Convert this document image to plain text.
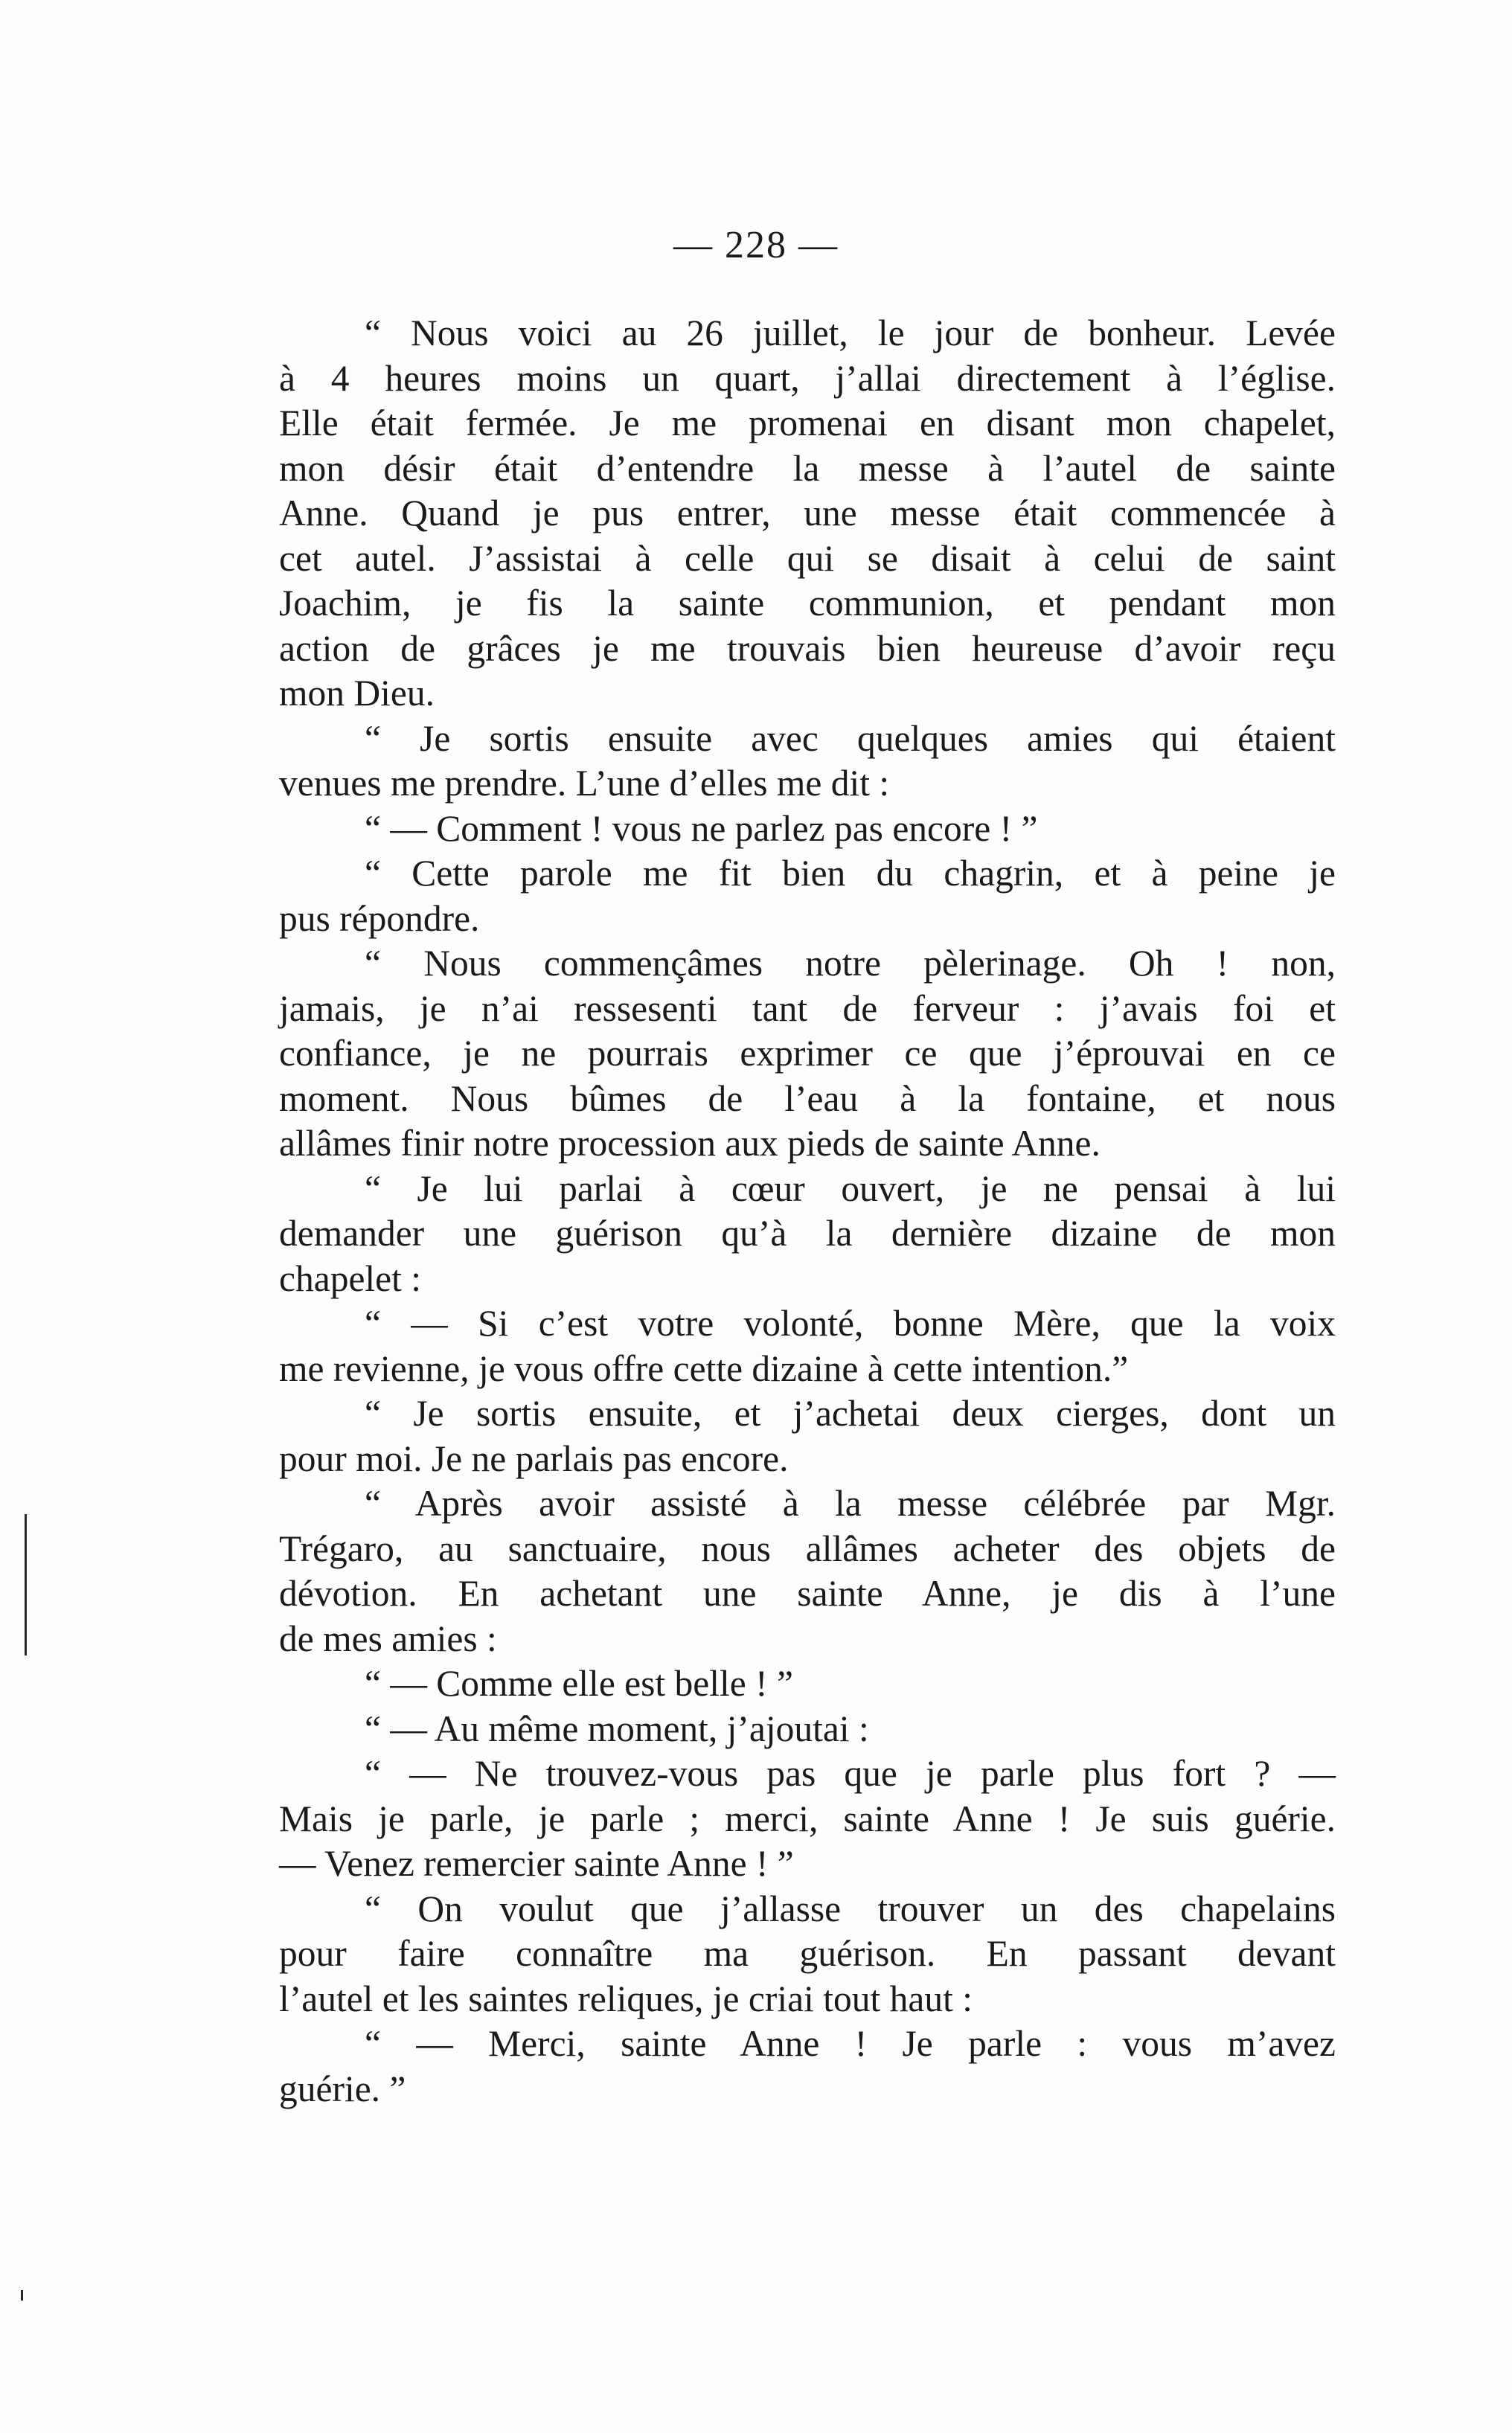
— 228 —
“ Nous voici au 26 juillet, le jour de bonheur. Levée
à 4 heures moins un quart, j’allai directement à l’église.
Elle était fermée. Je me promenai en disant mon chapelet,
mon désir était d’entendre la messe à l’autel de sainte
Anne. Quand je pus entrer, une messe était commencée à
cet autel. J’assistai à celle qui se disait à celui de saint
Joachim, je fis la sainte communion, et pendant mon
action de grâces je me trouvais bien heureuse d’avoir reçu
mon Dieu.
“ Je sortis ensuite avec quelques amies qui étaient
venues me prendre. L’une d’elles me dit :
“ — Comment ! vous ne parlez pas encore ! ”
“ Cette parole me fit bien du chagrin, et à peine je
pus répondre.
“ Nous commençâmes notre pèlerinage. Oh ! non,
jamais, je n’ai ressesenti tant de ferveur : j’avais foi et
confiance, je ne pourrais exprimer ce que j’éprouvai en ce
moment. Nous bûmes de l’eau à la fontaine, et nous
allâmes finir notre procession aux pieds de sainte Anne.
“ Je lui parlai à cœur ouvert, je ne pensai à lui
demander une guérison qu’à la dernière dizaine de mon
chapelet :
“ — Si c’est votre volonté, bonne Mère, que la voix
me revienne, je vous offre cette dizaine à cette intention.”
“ Je sortis ensuite, et j’achetai deux cierges, dont un
pour moi. Je ne parlais pas encore.
“ Après avoir assisté à la messe célébrée par Mgr.
Trégaro, au sanctuaire, nous allâmes acheter des objets de
dévotion. En achetant une sainte Anne, je dis à l’une
de mes amies :
“ — Comme elle est belle ! ”
“ — Au même moment, j’ajoutai :
“ — Ne trouvez-vous pas que je parle plus fort ? —
Mais je parle, je parle ; merci, sainte Anne ! Je suis guérie.
— Venez remercier sainte Anne ! ”
“ On voulut que j’allasse trouver un des chapelains
pour faire connaître ma guérison. En passant devant
l’autel et les saintes reliques, je criai tout haut :
“ — Merci, sainte Anne ! Je parle : vous m’avez
guérie. ”
